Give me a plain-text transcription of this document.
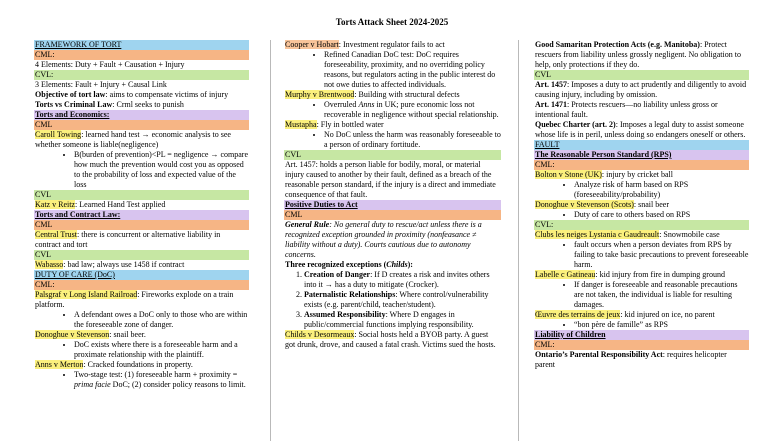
Torts Attack Sheet 2024-2025
FRAMEWORK OF TORT
CML:
4 Elements: Duty + Fault + Causation + Injury
CVL:
3 Elements: Fault + Injury + Causal Link
Objective of tort law: aims to compensate victims of injury
Torts vs Criminal Law: Crml seeks to punish
Torts and Economics:
CML
Caroll Towing: learned hand test → economic analysis to see whether someone is liable(negligence)
• B(burden of prevention)<PL = negligence → compare how much the prevention would cost you as opposed to the probability of loss and expected value of the loss
CVL
Katz v Reitz: Learned Hand Test applied
Torts and Contract Law:
CML
Central Trust: there is concurrent or alternative liability in contract and tort
CVL
Wabasso: bad law; always use 1458 if contract
DUTY OF CARE (DoC)
CML:
Palsgraf v Long Island Railroad: Fireworks explode on a train platform.
• A defendant owes a DoC only to those who are within the foreseeable zone of danger.
Donoghue v Stevenson: snail beer.
• DoC exists where there is a foreseeable harm and a proximate relationship with the plaintiff.
Anns v Merton: Cracked foundations in property.
• Two-stage test: (1) foreseeable harm + proximity = prima facie DoC; (2) consider policy reasons to limit.
Cooper v Hobart: Investment regulator fails to act
• Refined Canadian DoC test: DoC requires foreseeability, proximity, and no overriding policy reasons, but regulators acting in the public interest do not owe duties to affected individuals.
Murphy v Brentwood: Building with structural defects
• Overruled Anns in UK; pure economic loss not recoverable in negligence without special relationship.
Mustapha: Fly in bottled water
• No DoC unless the harm was reasonably foreseeable to a person of ordinary fortitude.
CVL
Art. 1457: holds a person liable for bodily, moral, or material injury caused to another by their fault, defined as a breach of the reasonable person standard, if the injury is a direct and immediate consequence of that fault.
Positive Duties to Act
CML
General Rule: No general duty to rescue/act unless there is a recognized exception grounded in proximity (nonfeasance ≠ liability without a duty). Courts cautious due to autonomy concerns.
Three recognized exceptions (Childs):
1. Creation of Danger: If D creates a risk and invites others into it → has a duty to mitigate (Crocker).
2. Paternalistic Relationships: Where control/vulnerability exists (e.g. parent/child, teacher/student).
3. Assumed Responsibility: Where D engages in public/commercial functions implying responsibility.
Childs v Desormeaux: Social hosts held a BYOB party. A guest got drunk, drove, and caused a fatal crash. Victims sued the hosts.
Good Samaritan Protection Acts (e.g. Manitoba): Protect rescuers from liability unless grossly negligent. No obligation to help, only protections if they do.
CVL
Art. 1457: Imposes a duty to act prudently and diligently to avoid causing injury, including by omission.
Art. 1471: Protects rescuers—no liability unless gross or intentional fault.
Quebec Charter (art. 2): Imposes a legal duty to assist someone whose life is in peril, unless doing so endangers oneself or others.
FAULT
The Reasonable Person Standard (RPS)
CML:
Bolton v Stone (UK): injury by cricket ball
• Analyze risk of harm based on RPS (foreseeability/probability)
Donoghue v Stevenson (Scots): snail beer
• Duty of care to others based on RPS
CVL:
Clubs les neiges Lystania c Gaudreault: Snowmobile case
• fault occurs when a person deviates from RPS by failing to take basic precautions to prevent foreseeable harm.
Labelle c Gatineau: kid injury from fire in dumping ground
• If danger is foreseeable and reasonable precautions are not taken, the individual is liable for resulting damages.
Œuvre des terrains de jeux: kid injured on ice, no parent
• “bon père de famille” as RPS
Liability of Children
CML:
Ontario’s Parental Responsibility Act: requires helicopter parent
